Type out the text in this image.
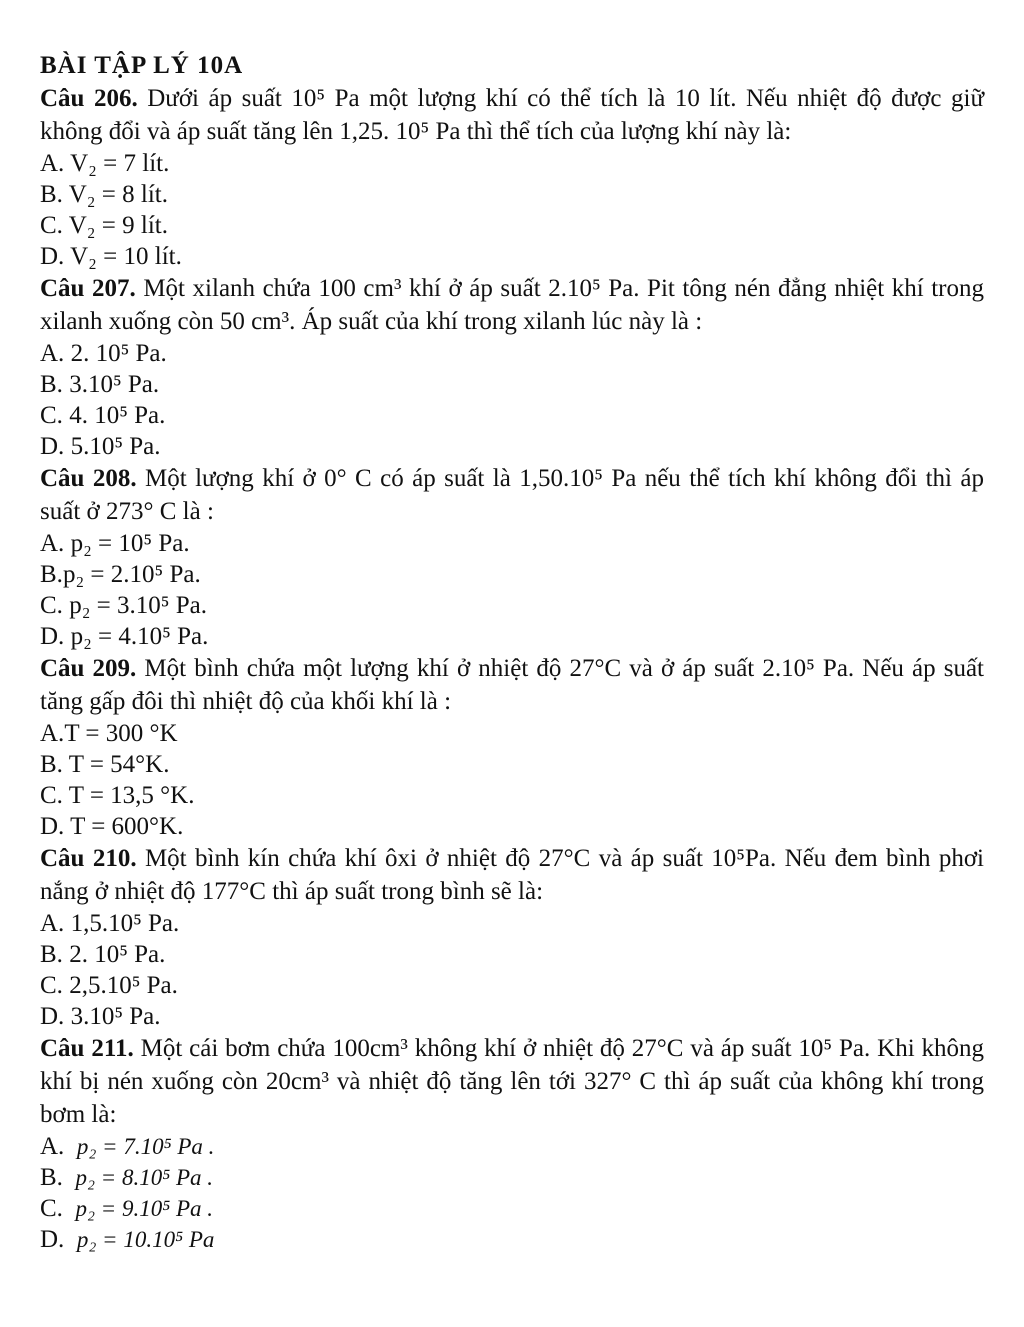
BÀI TẬP LÝ 10A

Câu 206. Dưới áp suất 10⁵ Pa một lượng khí có thể tích là 10 lít. Nếu nhiệt độ được giữ không đổi và áp suất tăng lên 1,25. 10⁵ Pa thì thể tích của lượng khí này là:

A. V₂ = 7 lít.
B. V₂ = 8 lít.
C. V₂ = 9 lít.
D. V₂ = 10 lít.

Câu 207. Một xilanh chứa 100 cm³ khí ở áp suất 2.10⁵ Pa. Pit tông nén đẳng nhiệt khí trong xilanh xuống còn 50 cm³. Áp suất của khí trong xilanh lúc này là :

A. 2. 10⁵ Pa.
B. 3.10⁵ Pa.
C. 4. 10⁵ Pa.
D. 5.10⁵ Pa.

Câu 208. Một lượng khí ở 0° C có áp suất là 1,50.10⁵ Pa nếu thể tích khí không đổi thì áp suất ở 273° C là :

A. p₂ = 10⁵ Pa.
B.p₂ = 2.10⁵ Pa.
C. p₂ = 3.10⁵ Pa.
D. p₂ = 4.10⁵ Pa.

Câu 209. Một bình chứa một lượng khí ở nhiệt độ 27°C và ở áp suất 2.10⁵ Pa. Nếu áp suất tăng gấp đôi thì nhiệt độ của khối khí là :

A.T = 300 °K
B. T = 54°K.
C. T = 13,5 °K.
D. T = 600°K.

Câu 210. Một bình kín chứa khí ôxi ở nhiệt độ 27°C và áp suất 10⁵Pa. Nếu đem bình phơi nắng ở nhiệt độ 177°C thì áp suất trong bình sẽ là:

A. 1,5.10⁵ Pa.
B. 2. 10⁵ Pa.
C. 2,5.10⁵ Pa.
D. 3.10⁵ Pa.

Câu 211. Một cái bơm chứa 100cm³ không khí ở nhiệt độ 27°C và áp suất 10⁵ Pa. Khi không khí bị nén xuống còn 20cm³ và nhiệt độ tăng lên tới 327° C thì áp suất của không khí trong bơm là:

A. p₂ = 7.10⁵ Pa .
B. p₂ = 8.10⁵ Pa .
C. p₂ = 9.10⁵ Pa .
D. p₂ = 10.10⁵ Pa
